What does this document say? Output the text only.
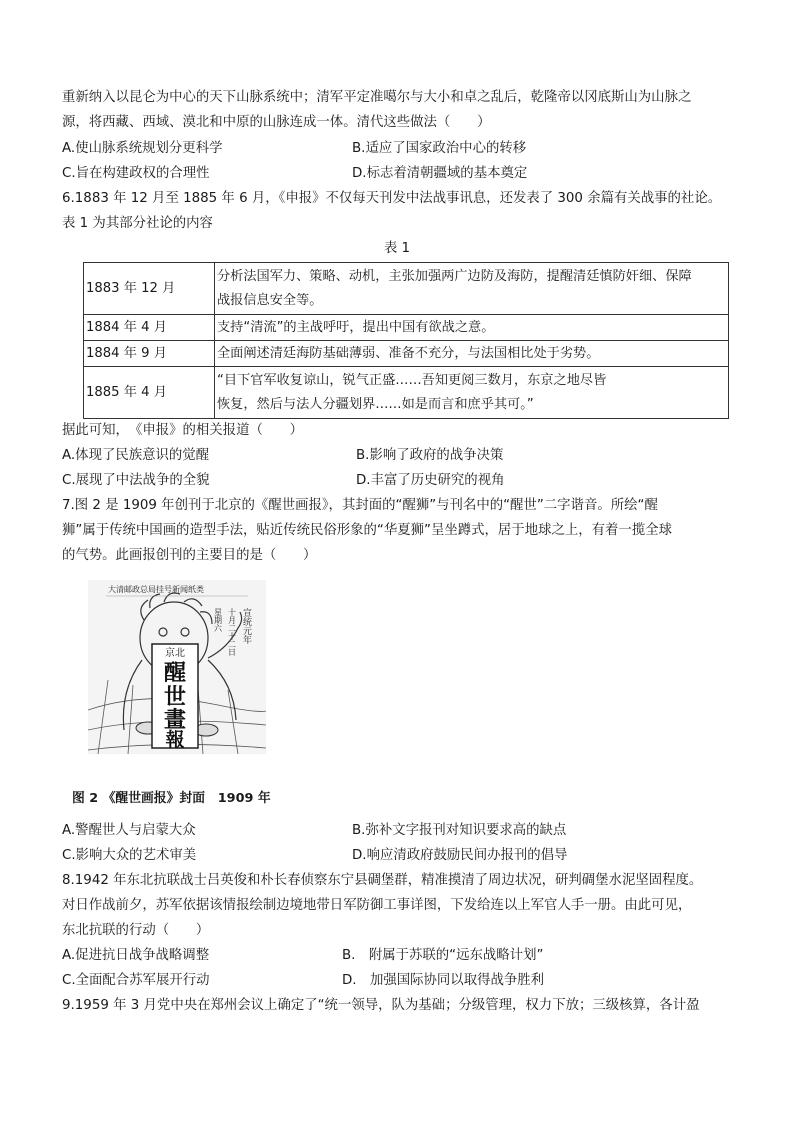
重新纳入以昆仑为中心的天下山脉系统中；清军平定准噶尔与大小和卓之乱后，乾隆帝以冈底斯山为山脉之
源，将西藏、西域、漠北和中原的山脉连成一体。清代这些做法（　　）
A.使山脉系统规划分更科学	B.适应了国家政治中心的转移
C.旨在构建政权的合理性	D.标志着清朝疆域的基本奠定
6.1883 年 12 月至 1885 年 6 月，《申报》不仅每天刊发中法战事讯息，还发表了 300 余篇有关战事的社论。
表 1 为其部分社论的内容
表 1
1883 年 12 月	分析法国军力、策略、动机，主张加强两广边防及海防，提醒清廷慎防奸细、保障
战报信息安全等。

1884 年 4 月	支持“清流”的主战呼吁，提出中国有欲战之意。
1884 年 9 月	全面阐述清廷海防基础薄弱、准备不充分，与法国相比处于劣势。
1885 年 4 月	“目下官军收复谅山，锐气正盛……吾知更阅三数月，东京之地尽皆
恢复，然后与法人分疆划界……如是而言和庶乎其可。”
据此可知，　《申报》的相关报道（　　）
A.体现了民族意识的觉醒	B.影响了政府的战争决策
C.展现了中法战争的全貌	D.丰富了历史研究的视角
7.图 2 是 1909 年创刊于北京的《醒世画报》，其封面的“醒狮”与刊名中的“醒世”二字谐音。所绘“醒
狮”属于传统中国画的造型手法，贴近传统民俗形象的“华夏狮”呈坐蹲式，居于地球之上，有着一揽全球
的气势。此画报创刊的主要目的是（　　）
大清邮政总局挂号新闻纸类
宣统元年
十月二十二日
星期六
京北
醒
世
畫
報
图 2 《醒世画报》封面　1909 年
A.警醒世人与启蒙大众	B.弥补文字报刊对知识要求高的缺点
C.影响大众的艺术审美	D.响应清政府鼓励民间办报刊的倡导
8.1942 年东北抗联战士吕英俊和朴长春侦察东宁县碉堡群，精准摸清了周边状况，研判碉堡水泥坚固程度。
对日作战前夕，苏军依据该情报绘制边境地带日军防御工事详图，下发给连以上军官人手一册。由此可见，
东北抗联的行动（　　）
A.促进抗日战争战略调整	B.　附属于苏联的“远东战略计划”
C.全面配合苏军展开行动	D.　加强国际协同以取得战争胜利
9.1959 年 3 月党中央在郑州会议上确定了“统一领导，队为基础；分级管理，权力下放；三级核算，各计盈
